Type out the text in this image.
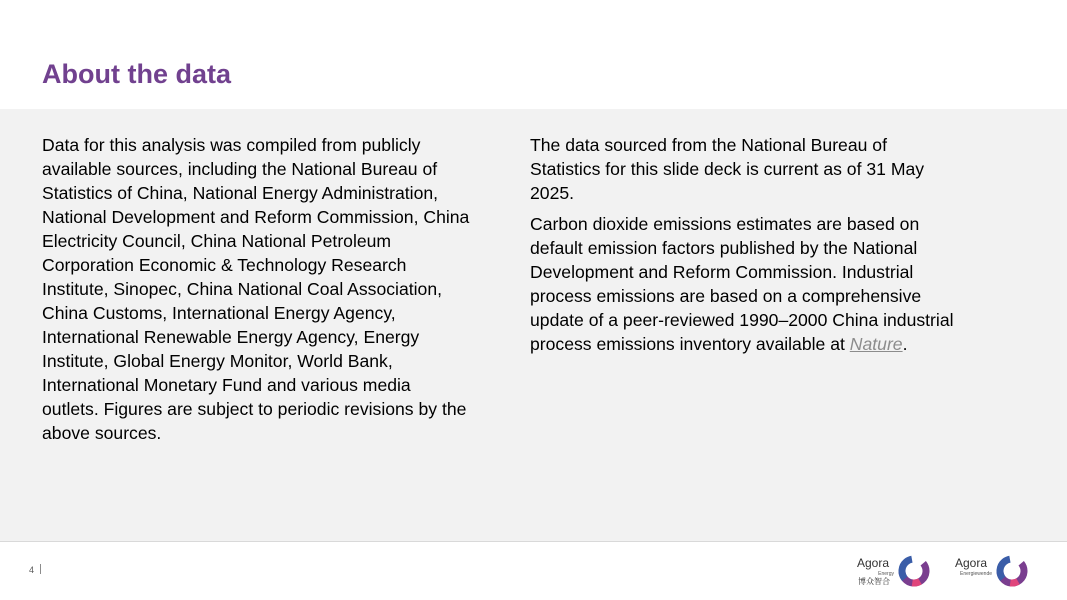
About the data

Data for this analysis was compiled from publicly available sources, including the National Bureau of Statistics of China, National Energy Administration, National Development and Reform Commission, China Electricity Council, China National Petroleum Corporation Economic & Technology Research Institute, Sinopec, China National Coal Association, China Customs, International Energy Agency, International Renewable Energy Agency, Energy Institute, Global Energy Monitor, World Bank, International Monetary Fund and various media outlets. Figures are subject to periodic revisions by the above sources.

The data sourced from the National Bureau of Statistics for this slide deck is current as of 31 May 2025.

Carbon dioxide emissions estimates are based on default emission factors published by the National Development and Reform Commission. Industrial process emissions are based on a comprehensive update of a peer-reviewed 1990–2000 China industrial process emissions inventory available at Nature.

4	Agora
Energy
博众智合
Agora
Energiewende
